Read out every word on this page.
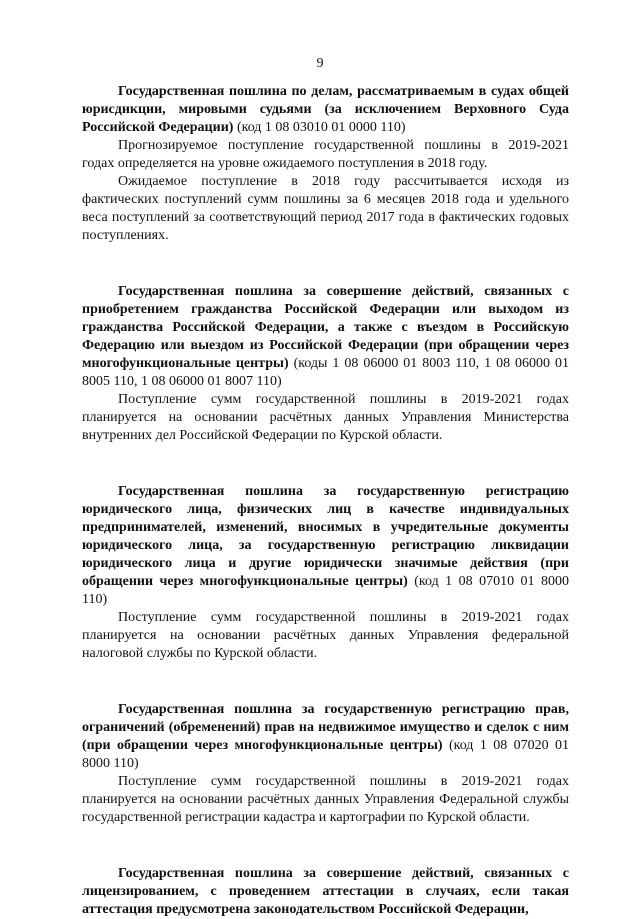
9

Государственная пошлина по делам, рассматриваемым в судах общей юрисдикции, мировыми судьями (за исключением Верховного Суда Российской Федерации) (код 1 08 03010 01 0000 110)

Прогнозируемое поступление государственной пошлины в 2019-2021 годах определяется на уровне ожидаемого поступления в 2018 году.

Ожидаемое поступление в 2018 году рассчитывается исходя из фактических поступлений сумм пошлины за 6 месяцев 2018 года и удельного веса поступлений за соответствующий период 2017 года в фактических годовых поступлениях.

Государственная пошлина за совершение действий, связанных с приобретением гражданства Российской Федерации или выходом из гражданства Российской Федерации, а также с въездом в Российскую Федерацию или выездом из Российской Федерации (при обращении через многофункциональные центры) (коды 1 08 06000 01 8003 110, 1 08 06000 01 8005 110, 1 08 06000 01 8007 110)

Поступление сумм государственной пошлины в 2019-2021 годах планируется на основании расчётных данных Управления Министерства внутренних дел Российской Федерации по Курской области.

Государственная пошлина за государственную регистрацию юридического лица, физических лиц в качестве индивидуальных предпринимателей, изменений, вносимых в учредительные документы юридического лица, за государственную регистрацию ликвидации юридического лица и другие юридически значимые действия (при обращении через многофункциональные центры) (код 1 08 07010 01 8000 110)

Поступление сумм государственной пошлины в 2019-2021 годах планируется на основании расчётных данных Управления федеральной налоговой службы по Курской области.

Государственная пошлина за государственную регистрацию прав, ограничений (обременений) прав на недвижимое имущество и сделок с ним (при обращении через многофункциональные центры) (код 1 08 07020 01 8000 110)

Поступление сумм государственной пошлины в 2019-2021 годах планируется на основании расчётных данных Управления Федеральной службы государственной регистрации кадастра и картографии по Курской области.

Государственная пошлина за совершение действий, связанных с лицензированием, с проведением аттестации в случаях, если такая аттестация предусмотрена законодательством Российской Федерации,
